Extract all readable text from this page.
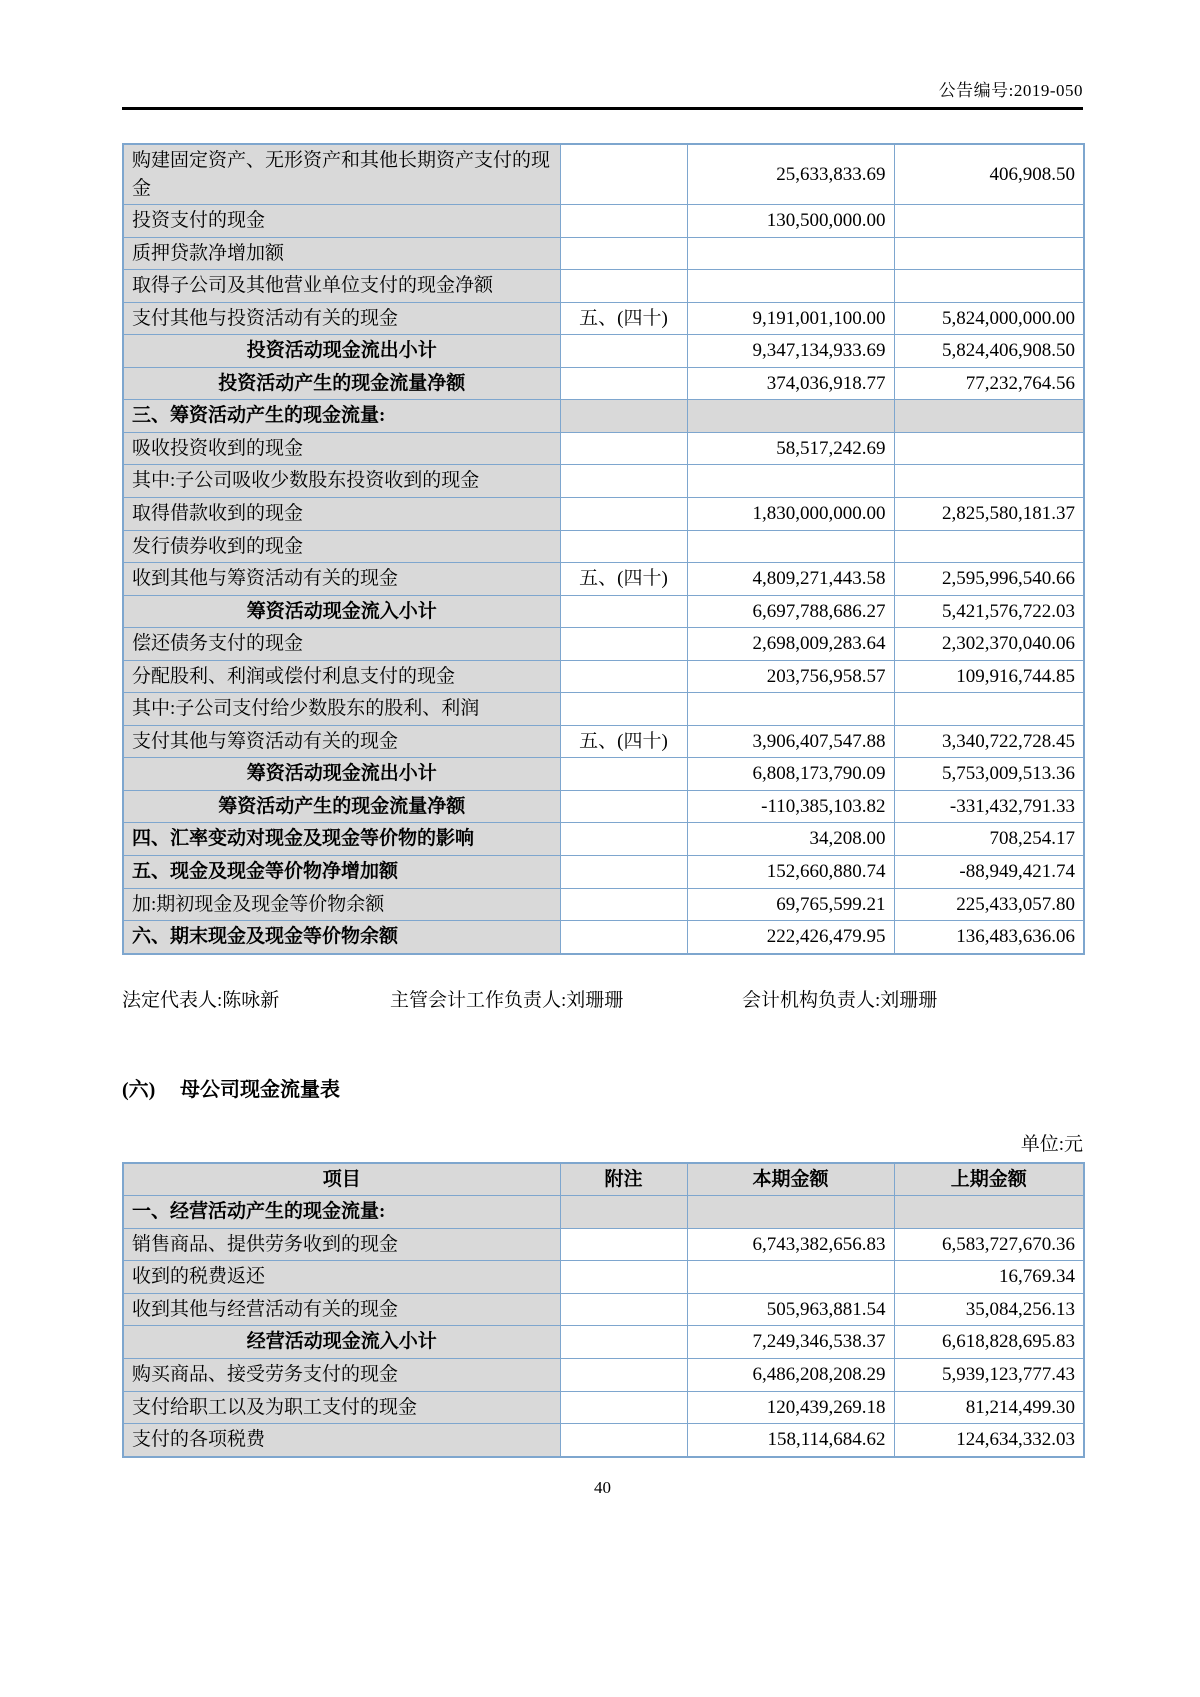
公告编号:2019-050
购建固定资产、无形资产和其他长期资产支付的现金		25,633,833.69	406,908.50
投资支付的现金		130,500,000.00	
质押贷款净增加额			
取得子公司及其他营业单位支付的现金净额			
支付其他与投资活动有关的现金	五、(四十)	9,191,001,100.00	5,824,000,000.00
投资活动现金流出小计		9,347,134,933.69	5,824,406,908.50
投资活动产生的现金流量净额		374,036,918.77	77,232,764.56
三、筹资活动产生的现金流量:			
吸收投资收到的现金		58,517,242.69	
其中:子公司吸收少数股东投资收到的现金			
取得借款收到的现金		1,830,000,000.00	2,825,580,181.37
发行债券收到的现金			
收到其他与筹资活动有关的现金	五、(四十)	4,809,271,443.58	2,595,996,540.66
筹资活动现金流入小计		6,697,788,686.27	5,421,576,722.03
偿还债务支付的现金		2,698,009,283.64	2,302,370,040.06
分配股利、利润或偿付利息支付的现金		203,756,958.57	109,916,744.85
其中:子公司支付给少数股东的股利、利润			
支付其他与筹资活动有关的现金	五、(四十)	3,906,407,547.88	3,340,722,728.45
筹资活动现金流出小计		6,808,173,790.09	5,753,009,513.36
筹资活动产生的现金流量净额		-110,385,103.82	-331,432,791.33
四、汇率变动对现金及现金等价物的影响		34,208.00	708,254.17
五、现金及现金等价物净增加额		152,660,880.74	-88,949,421.74
加:期初现金及现金等价物余额		69,765,599.21	225,433,057.80
六、期末现金及现金等价物余额		222,426,479.95	136,483,636.06
法定代表人:陈咏新	主管会计工作负责人:刘珊珊	会计机构负责人:刘珊珊
(六) 母公司现金流量表
单位:元
项目	附注	本期金额	上期金额
一、经营活动产生的现金流量:			
销售商品、提供劳务收到的现金		6,743,382,656.83	6,583,727,670.36
收到的税费返还			16,769.34
收到其他与经营活动有关的现金		505,963,881.54	35,084,256.13
经营活动现金流入小计		7,249,346,538.37	6,618,828,695.83
购买商品、接受劳务支付的现金		6,486,208,208.29	5,939,123,777.43
支付给职工以及为职工支付的现金		120,439,269.18	81,214,499.30
支付的各项税费		158,114,684.62	124,634,332.03
40
